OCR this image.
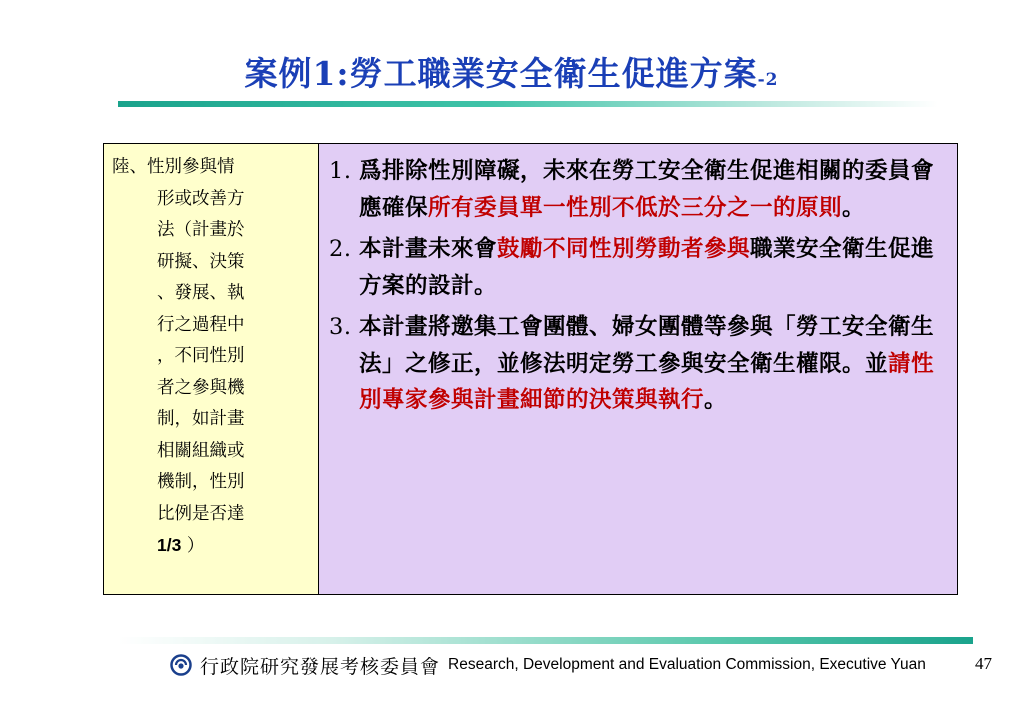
案例1:勞工職業安全衛生促進方案-2
陸、性別參與情
形或改善方
法（計畫於
研擬、決策
、發展、執
行之過程中
，不同性別
者之參與機
制，如計畫
相關組織或
機制，性別
比例是否達
1/3 ）
1. 爲排除性別障礙，未來在勞工安全衛生促進相關的委員會應確保所有委員單一性別不低於三分之一的原則。
2. 本計畫未來會鼓勵不同性別勞動者參與職業安全衛生促進方案的設計。
3. 本計畫將邀集工會團體、婦女團體等參與「勞工安全衛生法」之修正，並修法明定勞工參與安全衛生權限。並請性別專家參與計畫細節的決策與執行。
行政院研究發展考核委員會 Research, Development and Evaluation Commission, Executive Yuan	47
